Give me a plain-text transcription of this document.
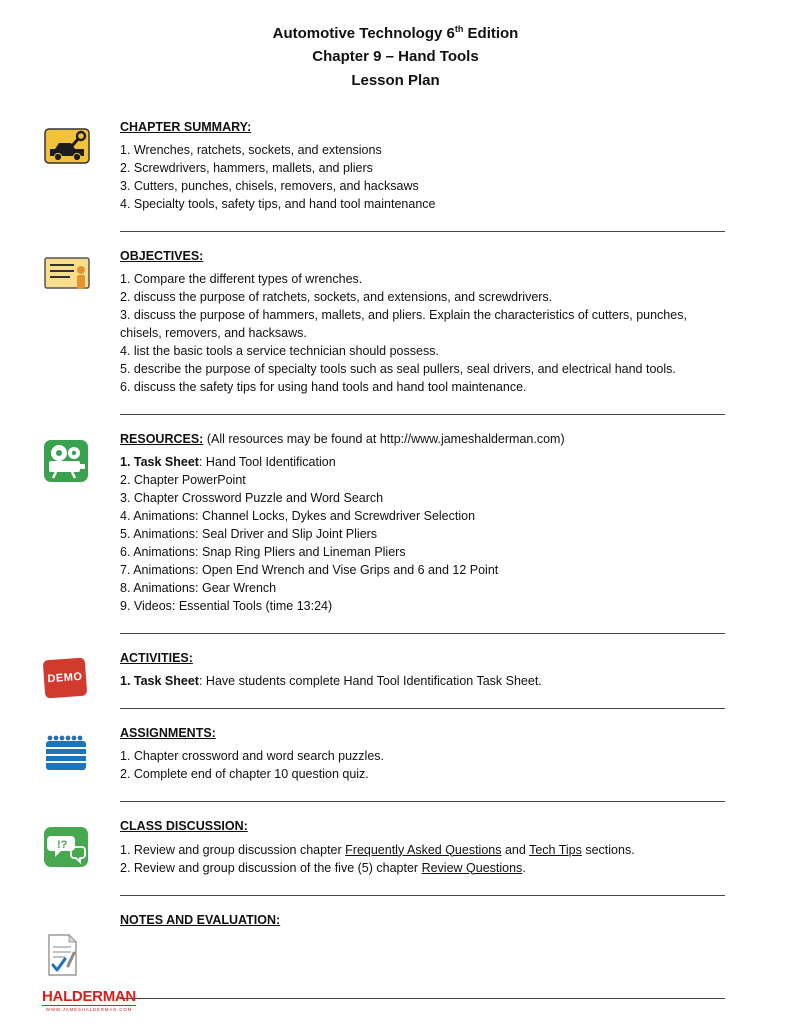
Automotive Technology 6th Edition
Chapter 9 – Hand Tools
Lesson Plan
CHAPTER SUMMARY:
1. Wrenches, ratchets, sockets, and extensions
2. Screwdrivers, hammers, mallets, and pliers
3. Cutters, punches, chisels, removers, and hacksaws
4. Specialty tools, safety tips, and hand tool maintenance
OBJECTIVES:
1. Compare the different types of wrenches.
2. discuss the purpose of ratchets, sockets, and extensions, and screwdrivers.
3. discuss the purpose of hammers, mallets, and pliers. Explain the characteristics of cutters, punches, chisels, removers, and hacksaws.
4. list the basic tools a service technician should possess.
5. describe the purpose of specialty tools such as seal pullers, seal drivers, and electrical hand tools.
6. discuss the safety tips for using hand tools and hand tool maintenance.
RESOURCES: (All resources may be found at http://www.jameshalderman.com)
1. Task Sheet: Hand Tool Identification
2. Chapter PowerPoint
3. Chapter Crossword Puzzle and Word Search
4. Animations: Channel Locks, Dykes and Screwdriver Selection
5. Animations: Seal Driver and Slip Joint Pliers
6. Animations: Snap Ring Pliers and Lineman Pliers
7. Animations: Open End Wrench and Vise Grips and 6 and 12 Point
8. Animations: Gear Wrench
9. Videos: Essential Tools (time 13:24)
DEMO
ACTIVITIES:
1. Task Sheet: Have students complete Hand Tool Identification Task Sheet.
ASSIGNMENTS:
1. Chapter crossword and word search puzzles.
2. Complete end of chapter 10 question quiz.
!?
CLASS DISCUSSION:
1. Review and group discussion chapter Frequently Asked Questions and Tech Tips sections.
2. Review and group discussion of the five (5) chapter Review Questions.
NOTES AND EVALUATION:
HALDERMAN
WWW.JAMESHALDERMAN.COM
